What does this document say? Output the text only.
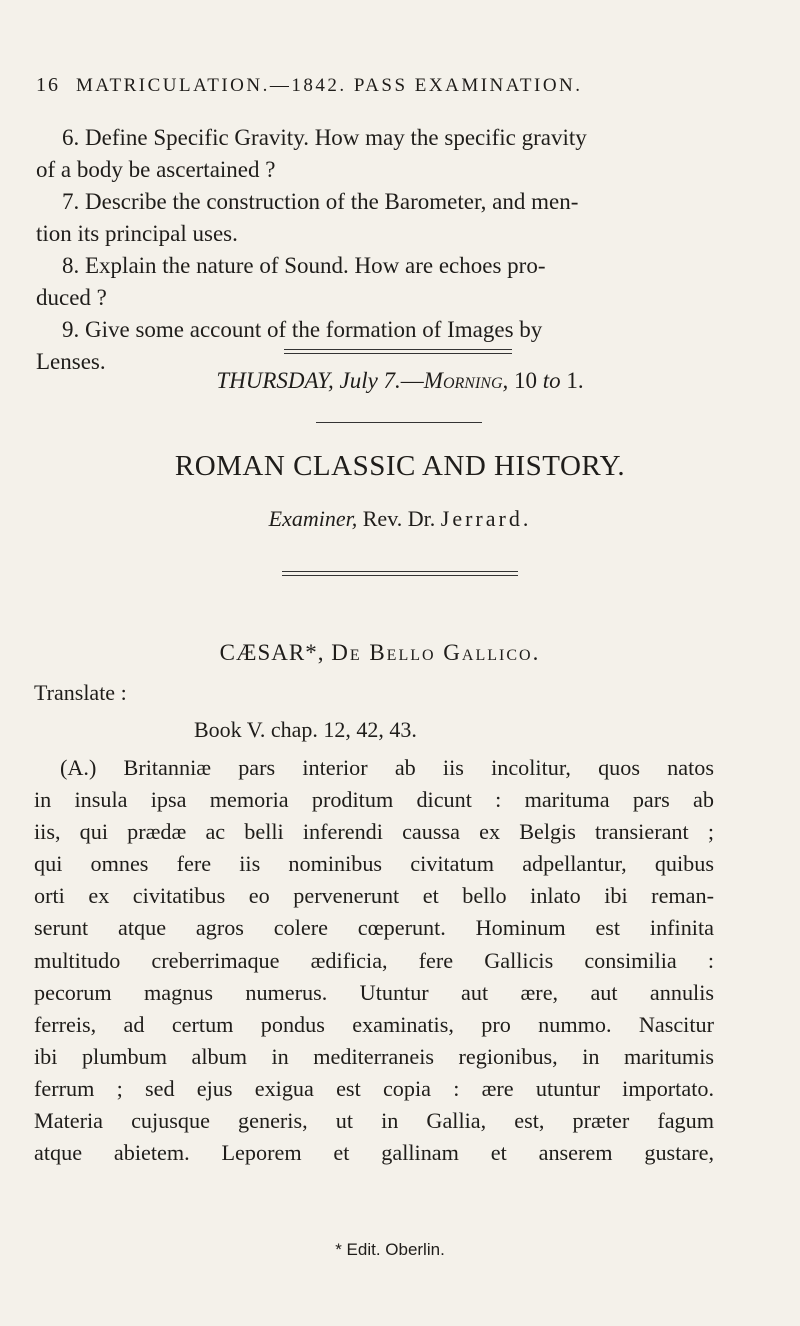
16 MATRICULATION.—1842. PASS EXAMINATION.
6. Define Specific Gravity. How may the specific gravity
of a body be ascertained ?
7. Describe the construction of the Barometer, and men-
tion its principal uses.
8. Explain the nature of Sound. How are echoes pro-
duced ?
9. Give some account of the formation of Images by
Lenses.
THURSDAY, July 7.—Morning, 10 to 1.
ROMAN CLASSIC AND HISTORY.
Examiner, Rev. Dr. Jerrard.
CÆSAR*, De Bello Gallico.
Translate :
Book V. chap. 12, 42, 43.
(A.) Britanniæ pars interior ab iis incolitur, quos natos
in insula ipsa memoria proditum dicunt : marituma pars ab
iis, qui prædæ ac belli inferendi caussa ex Belgis transierant ;
qui omnes fere iis nominibus civitatum adpellantur, quibus
orti ex civitatibus eo pervenerunt et bello inlato ibi reman-
serunt atque agros colere cœperunt. Hominum est infinita
multitudo creberrimaque ædificia, fere Gallicis consimilia :
pecorum magnus numerus. Utuntur aut ære, aut annulis
ferreis, ad certum pondus examinatis, pro nummo. Nascitur
ibi plumbum album in mediterraneis regionibus, in maritumis
ferrum ; sed ejus exigua est copia : ære utuntur importato.
Materia cujusque generis, ut in Gallia, est, præter fagum
atque abietem. Leporem et gallinam et anserem gustare,
* Edit. Oberlin.
